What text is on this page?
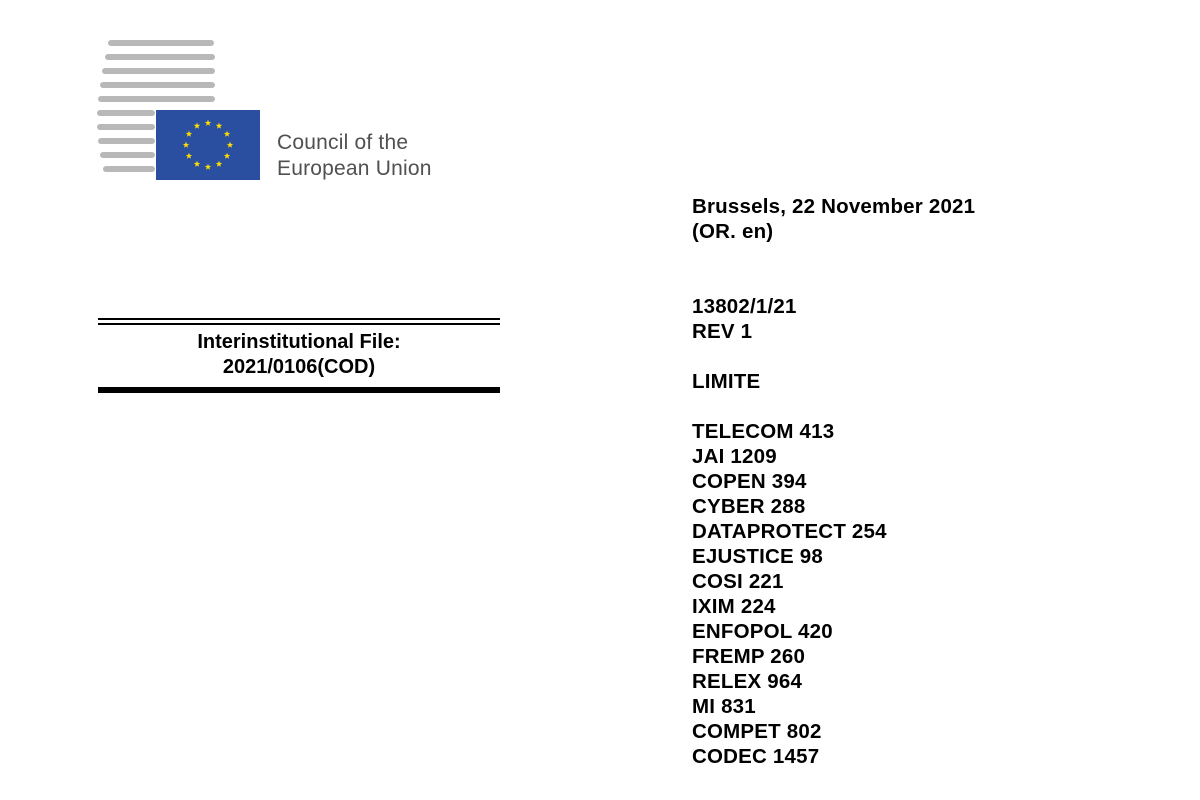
Council of the
European Union
Brussels, 22 November 2021
(OR. en)
13802/1/21
REV 1
LIMITE
TELECOM 413
JAI 1209
COPEN 394
CYBER 288
DATAPROTECT 254
EJUSTICE 98
COSI 221
IXIM 224
ENFOPOL 420
FREMP 260
RELEX 964
MI 831
COMPET 802
CODEC 1457
Interinstitutional File:
2021/0106(COD)
